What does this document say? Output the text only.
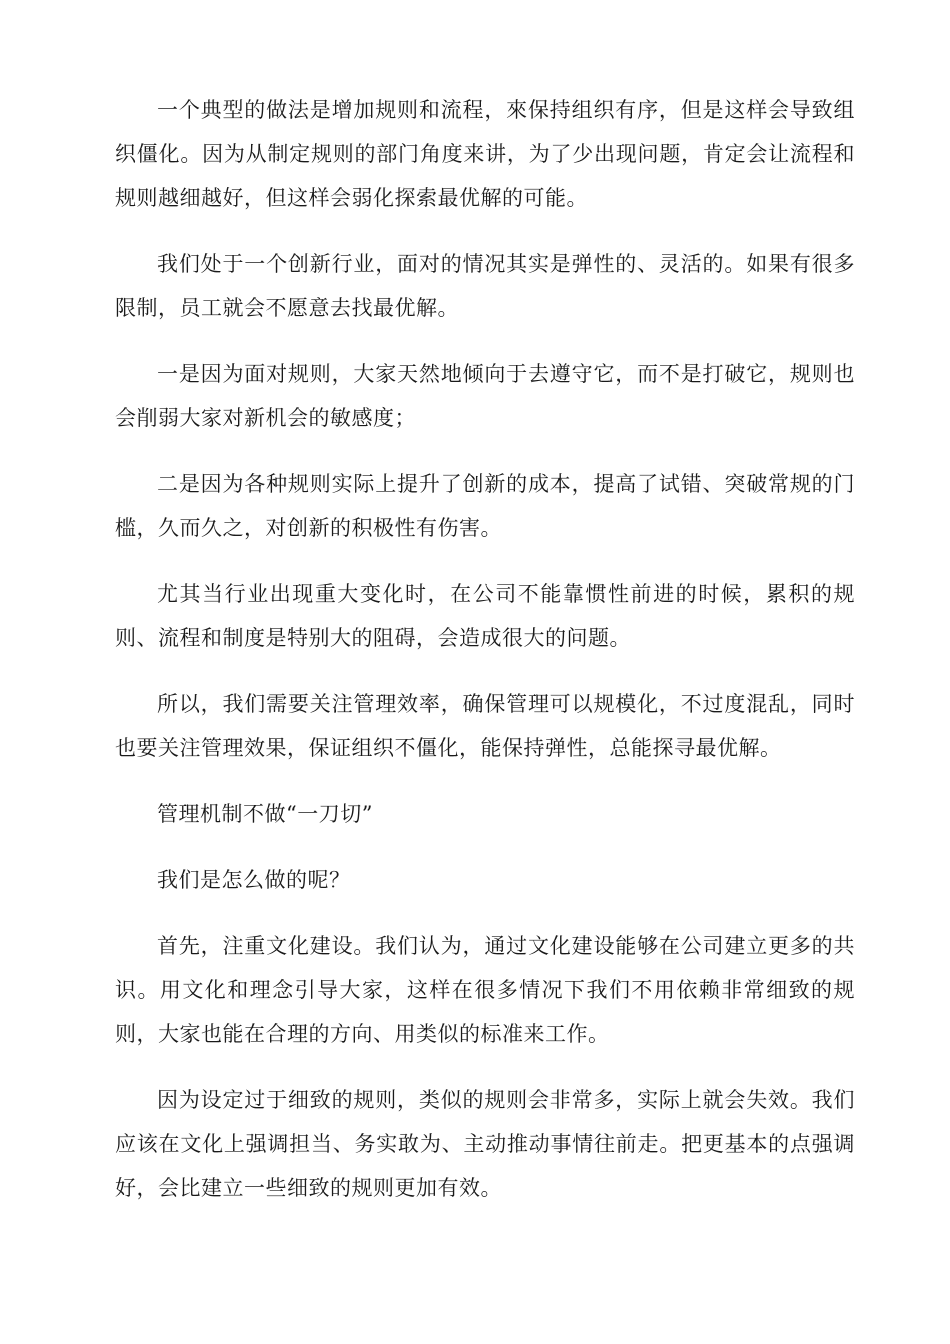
一个典型的做法是增加规则和流程，來保持组织有序，但是这样会导致组织僵化。因为从制定规则的部门角度来讲，为了少出现问题，肯定会让流程和规则越细越好，但这样会弱化探索最优解的可能。

我们处于一个创新行业，面对的情况其实是弹性的、灵活的。如果有很多限制，员工就会不愿意去找最优解。

一是因为面对规则，大家天然地倾向于去遵守它，而不是打破它，规则也会削弱大家对新机会的敏感度；

二是因为各种规则实际上提升了创新的成本，提高了试错、突破常规的门槛，久而久之，对创新的积极性有伤害。

尤其当行业出现重大变化时，在公司不能靠惯性前进的时候，累积的规则、流程和制度是特别大的阻碍，会造成很大的问题。

所以，我们需要关注管理效率，确保管理可以规模化，不过度混乱，同时也要关注管理效果，保证组织不僵化，能保持弹性，总能探寻最优解。

管理机制不做“一刀切”

我们是怎么做的呢？

首先，注重文化建设。我们认为，通过文化建设能够在公司建立更多的共识。用文化和理念引导大家，这样在很多情况下我们不用依赖非常细致的规则，大家也能在合理的方向、用类似的标准来工作。

因为设定过于细致的规则，类似的规则会非常多，实际上就会失效。我们应该在文化上强调担当、务实敢为、主动推动事情往前走。把更基本的点强调好，会比建立一些细致的规则更加有效。
